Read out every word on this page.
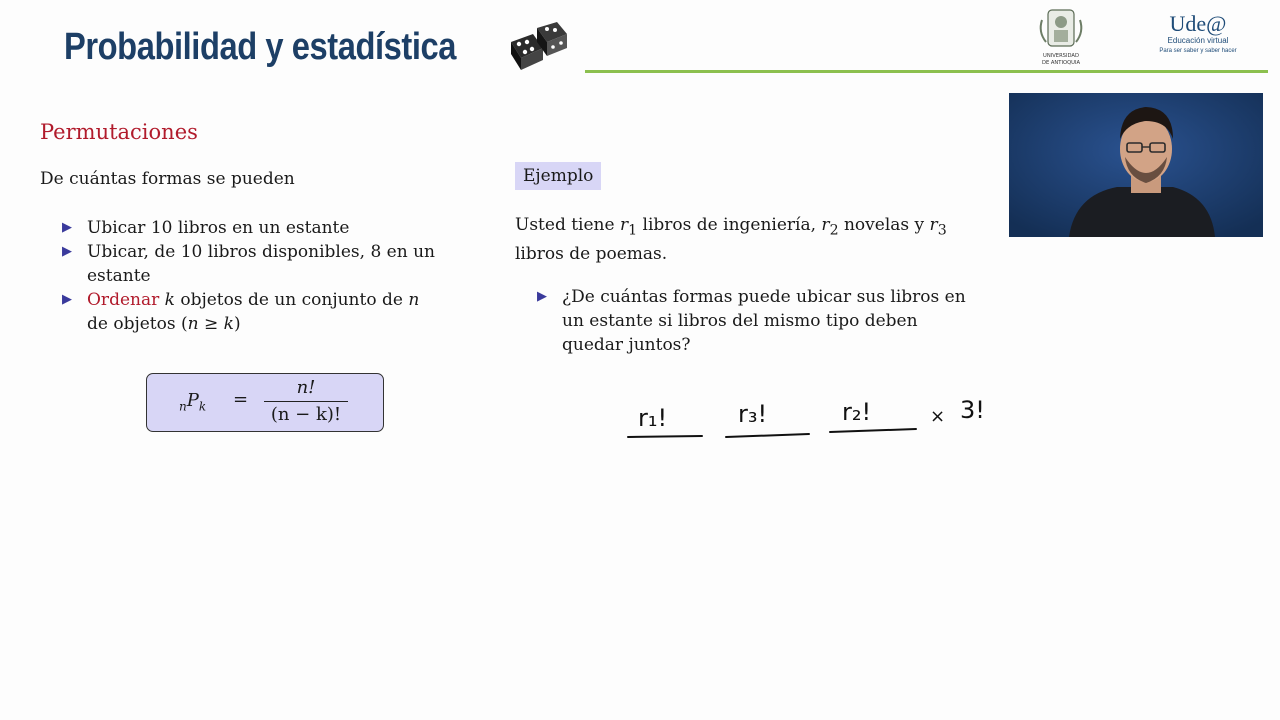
Probabilidad y estadística	UNIVERSIDAD
DE ANTIOQUIA
Ude@
Educación virtual
Para ser saber y saber hacer
Permutaciones
De cuántas formas se pueden
▶ Ubicar 10 libros en un estante
▶ Ubicar, de 10 libros disponibles, 8 en un estante
▶ Ordenar k objetos de un conjunto de n
de objetos (n ≥ k)
$_nP_k$ =
n!
(n − k)!
Ejemplo
Usted tiene $r_1$ libros de ingeniería, $r_2$ novelas y $r_3$ libros de poemas.
▶ ¿De cuántas formas puede ubicar sus libros en un estante si libros del mismo tipo deben quedar juntos?
r₁!	r₃!	r₂!	× 3!
